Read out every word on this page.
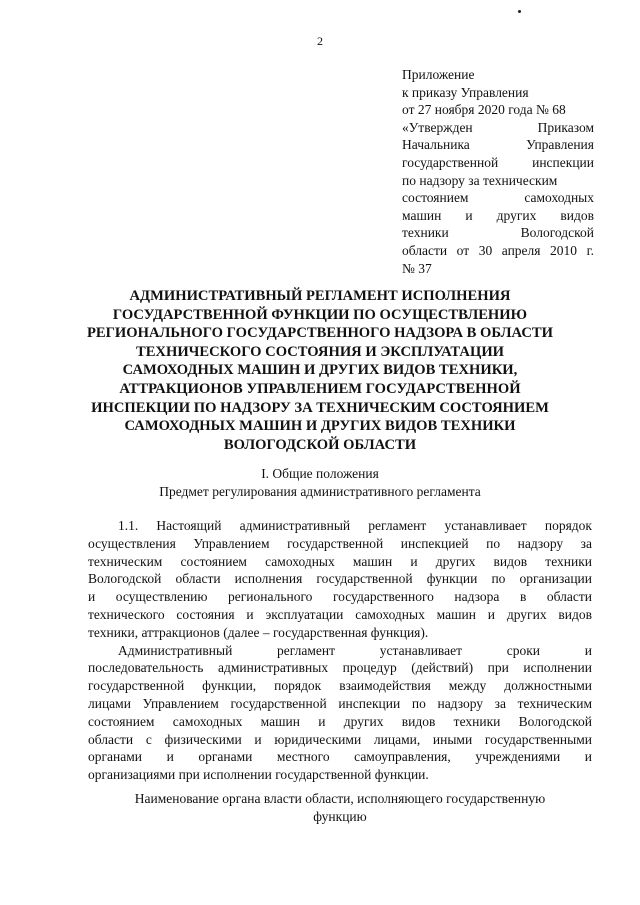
2
Приложение
к приказу Управления
от 27 ноября 2020 года № 68
«Утвержден Приказом
Начальника Управления
государственной инспекции
по надзору за техническим
состоянием самоходных
машин и других видов
техники Вологодской
области от 30 апреля 2010 г.
№ 37
АДМИНИСТРАТИВНЫЙ РЕГЛАМЕНТ ИСПОЛНЕНИЯ
ГОСУДАРСТВЕННОЙ ФУНКЦИИ ПО ОСУЩЕСТВЛЕНИЮ
РЕГИОНАЛЬНОГО ГОСУДАРСТВЕННОГО НАДЗОРА В ОБЛАСТИ
ТЕХНИЧЕСКОГО СОСТОЯНИЯ И ЭКСПЛУАТАЦИИ
САМОХОДНЫХ МАШИН И ДРУГИХ ВИДОВ ТЕХНИКИ,
АТТРАКЦИОНОВ УПРАВЛЕНИЕМ ГОСУДАРСТВЕННОЙ
ИНСПЕКЦИИ ПО НАДЗОРУ ЗА ТЕХНИЧЕСКИМ СОСТОЯНИЕМ
САМОХОДНЫХ МАШИН И ДРУГИХ ВИДОВ ТЕХНИКИ
ВОЛОГОДСКОЙ ОБЛАСТИ
I. Общие положения
Предмет регулирования административного регламента
1.1. Настоящий административный регламент устанавливает порядок
осуществления Управлением государственной инспекцией по надзору за
техническим состоянием самоходных машин и других видов техники
Вологодской области исполнения государственной функции по организации
и осуществлению регионального государственного надзора в области
технического состояния и эксплуатации самоходных машин и других видов
техники, аттракционов (далее – государственная функция).
Административный регламент устанавливает сроки и
последовательность административных процедур (действий) при исполнении
государственной функции, порядок взаимодействия между должностными
лицами Управлением государственной инспекции по надзору за техническим
состоянием самоходных машин и других видов техники Вологодской
области с физическими и юридическими лицами, иными государственными
органами и органами местного самоуправления, учреждениями и
организациями при исполнении государственной функции.
Наименование органа власти области, исполняющего государственную
функцию
